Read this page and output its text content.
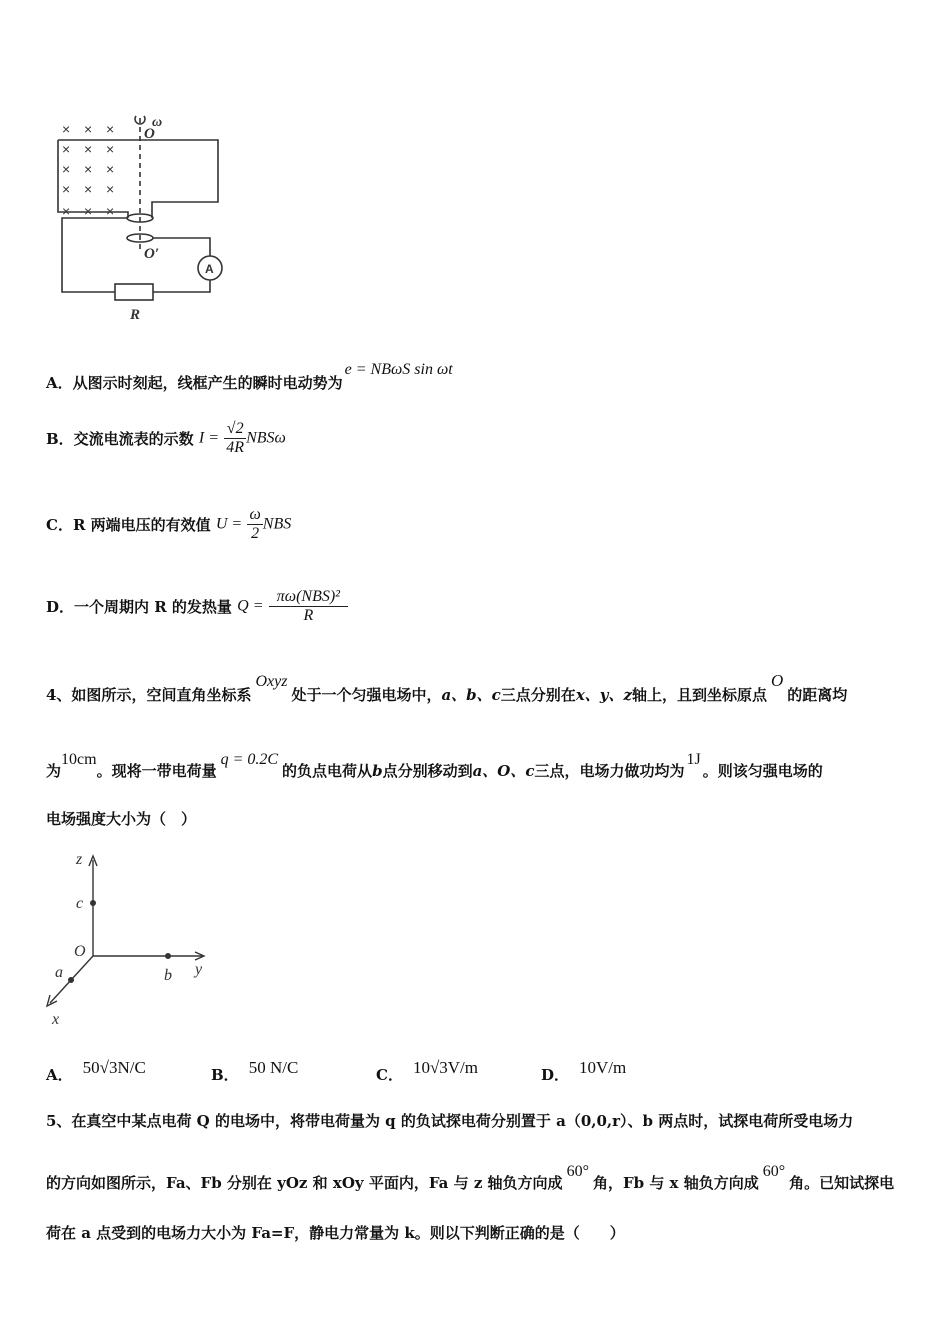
× × ×
× × ×
× × ×
× × ×
× × ×
O
ω
O′
A
R
A．从图示时刻起，线框产生的瞬时电动势为e = NBωS sin ωt
B．交流电流表的示数 $I = \frac{√2}{4R}$ NBSω
C．R 两端电压的有效值 $U = \frac{\omega}{2}$ NBS
D．一个周期内 R 的发热量 $Q = \frac{\text{πω(NBS)²}}{R}$
4、如图所示，空间直角坐标系Oxyz处于一个匀强电场中，a、b、c三点分别在x、y、z轴上，且到坐标原点O的距离均
为10cm。现将一带电荷量q = 0.2C的负点电荷从b点分别移动到a、O、c三点，电场力做功均为1J。则该匀强电场的
电场强度大小为（　）
z
c
O
a	b y
x
A． 50√3N/C	B． 50 N/C	C． 10√3V/m	D． 10V/m
5、在真空中某点电荷 Q 的电场中，将带电荷量为 q 的负试探电荷分别置于 a（0,0,r）、b 两点时，试探电荷所受电场力
的方向如图所示，Fa、Fb 分别在 yOz 和 xOy 平面内，Fa 与 z 轴负方向成60°角，Fb 与 x 轴负方向成60°角。已知试探电
荷在 a 点受到的电场力大小为 Fa=F，静电力常量为 k。则以下判断正确的是（　　）
